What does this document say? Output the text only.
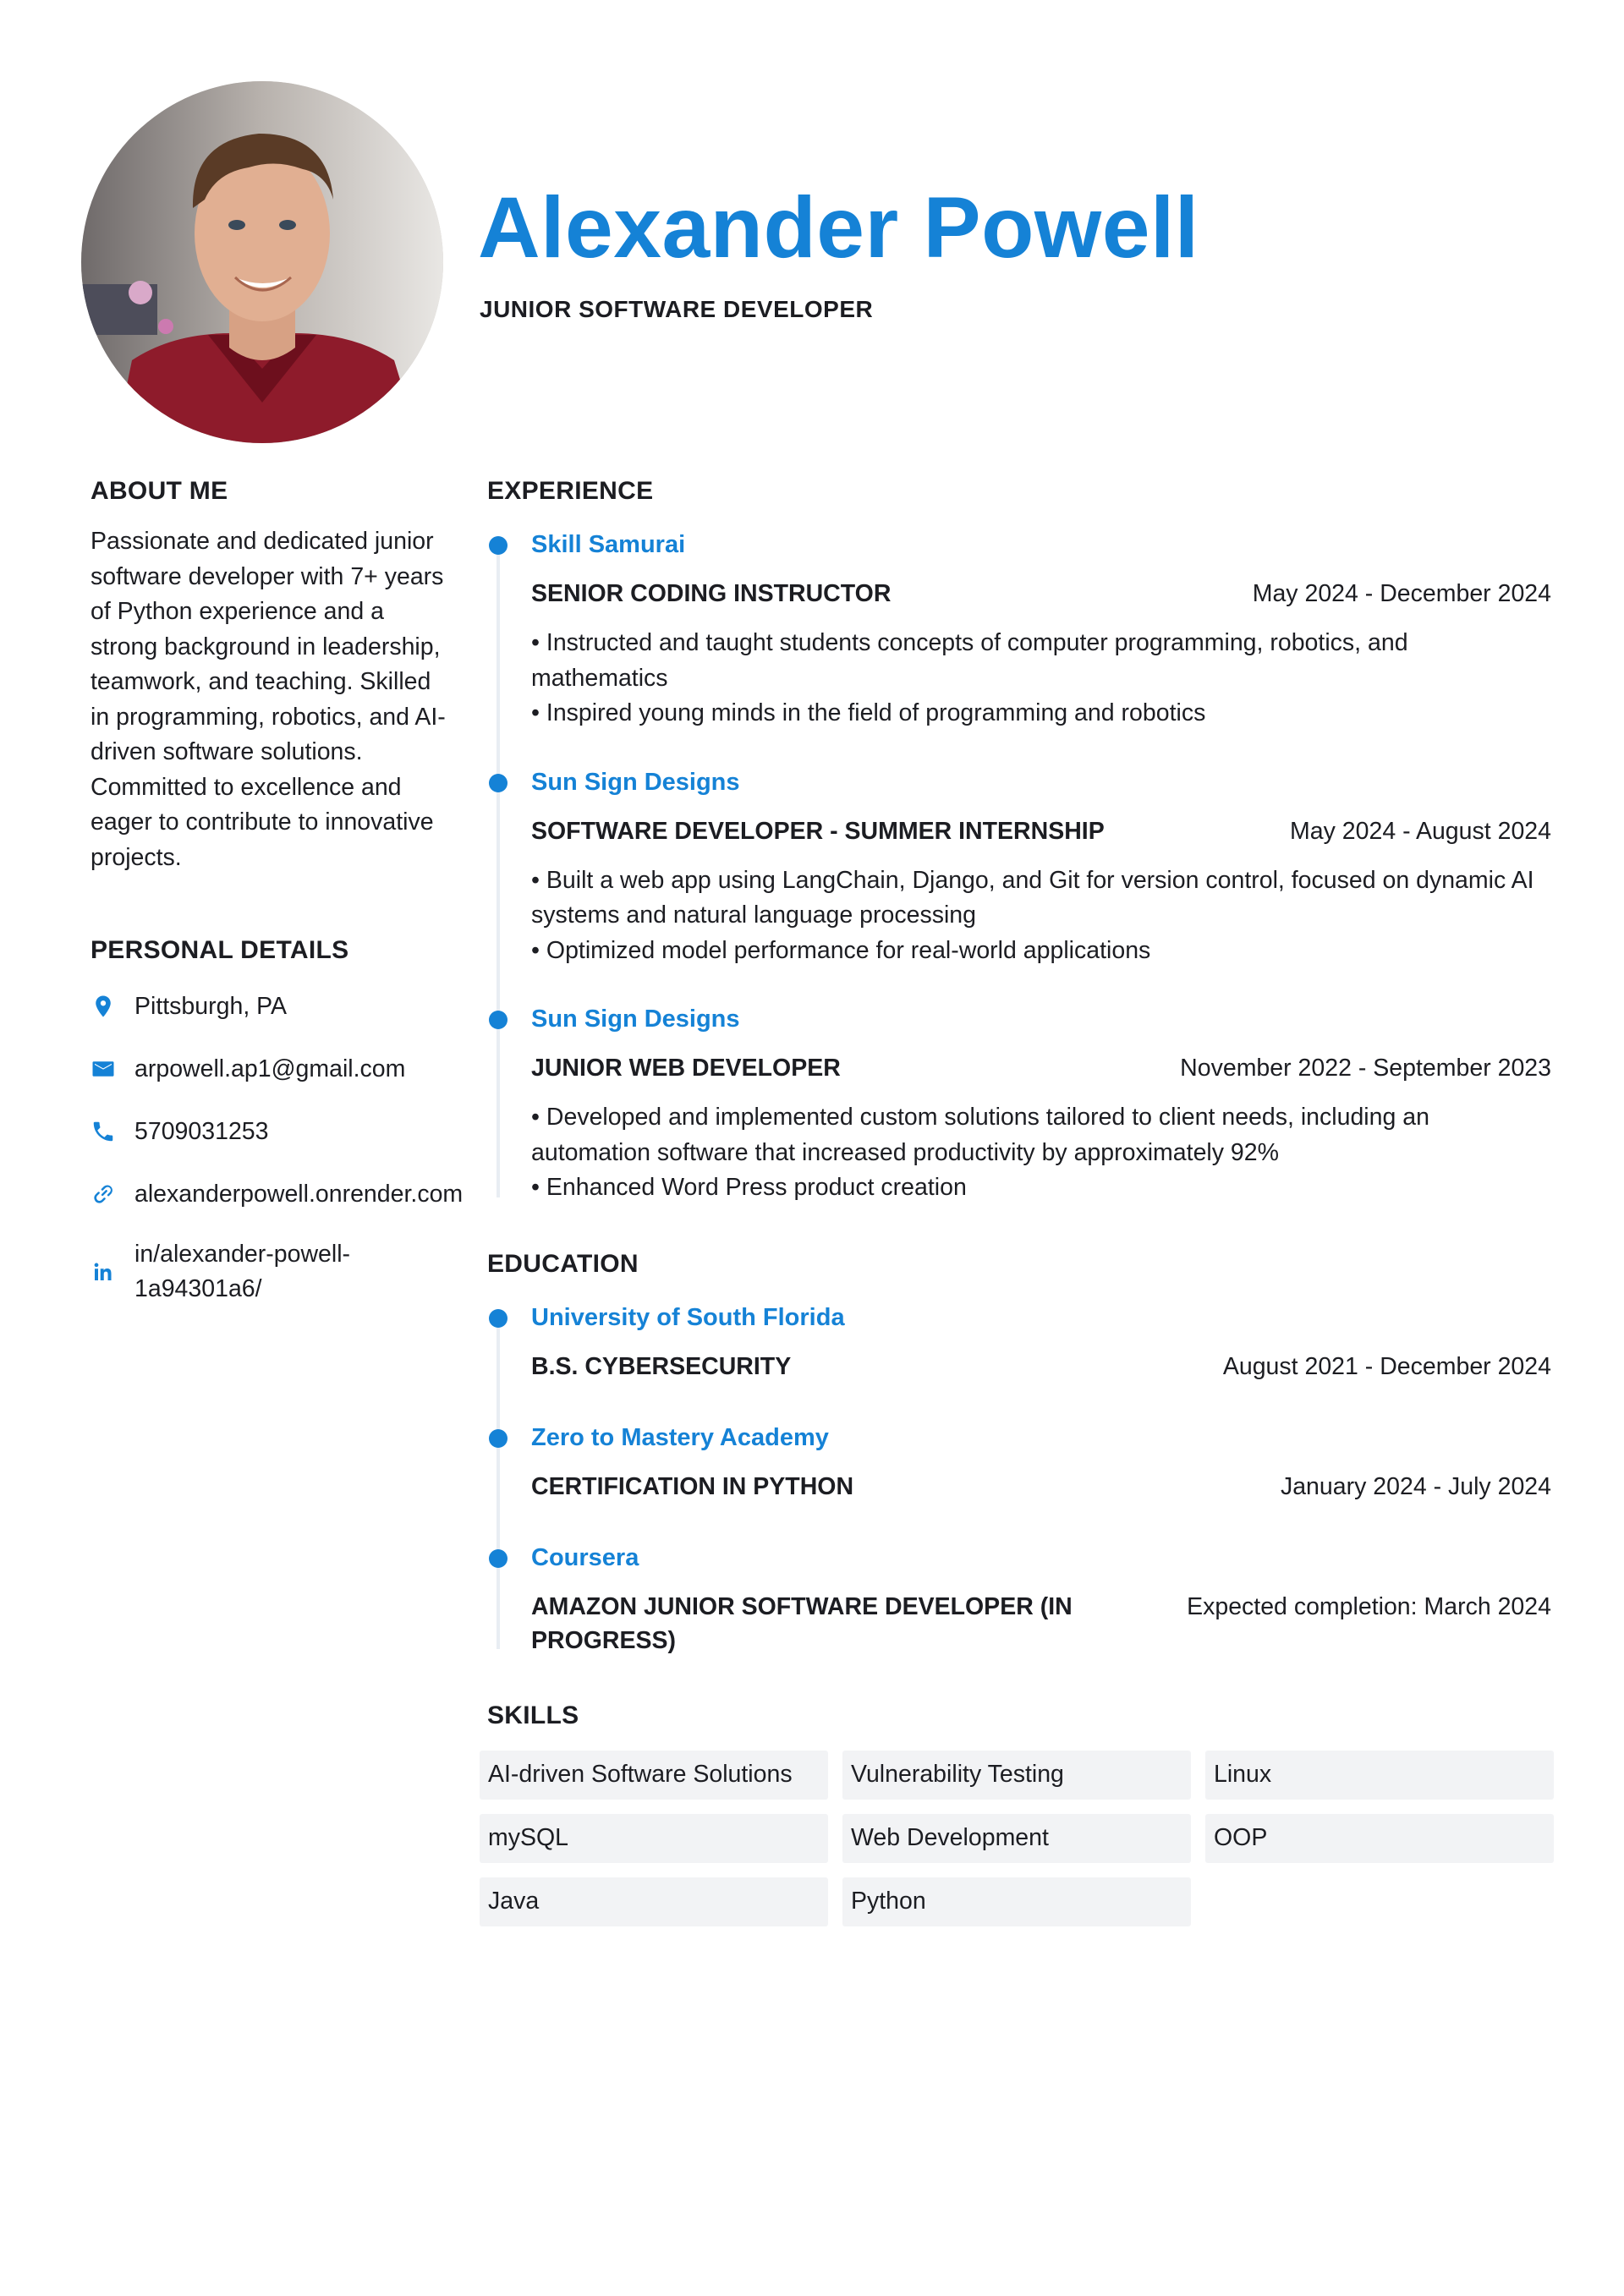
Alexander Powell
JUNIOR SOFTWARE DEVELOPER
ABOUT ME

Passionate and dedicated junior software developer with 7+ years of Python experience and a strong background in leadership, teamwork, and teaching. Skilled in programming, robotics, and AI-driven software solutions. Committed to excellence and eager to contribute to innovative projects.

PERSONAL DETAILS
Pittsburgh, PA
arpowell.ap1@gmail.com
5709031253
alexanderpowell.onrender.com
in/alexander-powell-1a94301a6/
EXPERIENCE

Skill Samurai

SENIOR CODING INSTRUCTOR	May 2024 - December 2024
• Instructed and taught students concepts of computer programming, robotics, and mathematics
• Inspired young minds in the field of programming and robotics

Sun Sign Designs

SOFTWARE DEVELOPER - SUMMER INTERNSHIP	May 2024 - August 2024
• Built a web app using LangChain, Django, and Git for version control, focused on dynamic AI systems and natural language processing
• Optimized model performance for real-world applications

Sun Sign Designs

JUNIOR WEB DEVELOPER	November 2022 - September 2023
• Developed and implemented custom solutions tailored to client needs, including an automation software that increased productivity by approximately 92%
• Enhanced Word Press product creation
EDUCATION

University of South Florida

B.S. CYBERSECURITY	August 2021 - December 2024

Zero to Mastery Academy

CERTIFICATION IN PYTHON	January 2024 - July 2024

Coursera

AMAZON JUNIOR SOFTWARE DEVELOPER (IN PROGRESS)
Expected completion: March 2024
SKILLS
AI-driven Software Solutions	Vulnerability Testing	Linux
mySQL	Web Development	OOP
Java	Python
